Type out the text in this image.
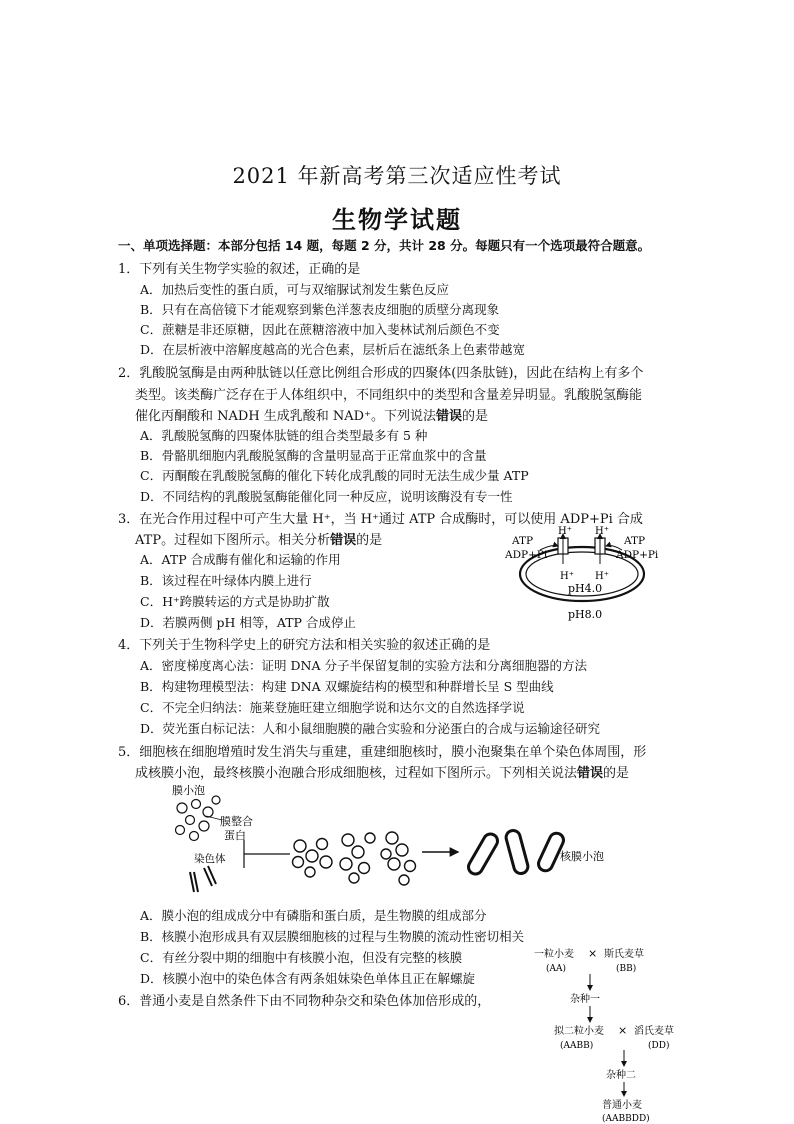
2021 年新高考第三次适应性考试
生物学试题
一、单项选择题：本部分包括 14 题，每题 2 分，共计 28 分。每题只有一个选项最符合题意。
1．下列有关生物学实验的叙述，正确的是
A．加热后变性的蛋白质，可与双缩脲试剂发生紫色反应
B．只有在高倍镜下才能观察到紫色洋葱表皮细胞的质壁分离现象
C．蔗糖是非还原糖，因此在蔗糖溶液中加入斐林试剂后颜色不变
D．在层析液中溶解度越高的光合色素，层析后在滤纸条上色素带越宽
2．乳酸脱氢酶是由两种肽链以任意比例组合形成的四聚体(四条肽链)，因此在结构上有多个
类型。该类酶广泛存在于人体组织中，不同组织中的类型和含量差异明显。乳酸脱氢酶能
催化丙酮酸和 NADH 生成乳酸和 NAD⁺。下列说法错误的是
A．乳酸脱氢酶的四聚体肽链的组合类型最多有 5 种
B．骨骼肌细胞内乳酸脱氢酶的含量明显高于正常血浆中的含量
C．丙酮酸在乳酸脱氢酶的催化下转化成乳酸的同时无法生成少量 ATP
D．不同结构的乳酸脱氢酶能催化同一种反应，说明该酶没有专一性
3．在光合作用过程中可产生大量 H⁺，当 H⁺通过 ATP 合成酶时，可以使用 ADP+Pi 合成
ATP。过程如下图所示。相关分析错误的是
A．ATP 合成酶有催化和运输的作用
B．该过程在叶绿体内膜上进行
C．H⁺跨膜转运的方式是协助扩散
D．若膜两侧 pH 相等，ATP 合成停止
ATP
ADP+Pi
ATP
ADP+Pi
H⁺ H⁺
H⁺ H⁺
pH4.0
pH8.0
4．下列关于生物科学史上的研究方法和相关实验的叙述正确的是
A．密度梯度离心法：证明 DNA 分子半保留复制的实验方法和分离细胞器的方法
B．构建物理模型法：构建 DNA 双螺旋结构的模型和种群增长呈 S 型曲线
C．不完全归纳法：施莱登施旺建立细胞学说和达尔文的自然选择学说
D．荧光蛋白标记法：人和小鼠细胞膜的融合实验和分泌蛋白的合成与运输途径研究
5．细胞核在细胞增殖时发生消失与重建，重建细胞核时，膜小泡聚集在单个染色体周围，形
成核膜小泡，最终核膜小泡融合形成细胞核，过程如下图所示。下列相关说法错误的是
膜小泡
膜整合
蛋白
染色体	核膜小泡
A．膜小泡的组成成分中有磷脂和蛋白质，是生物膜的组成部分
B．核膜小泡形成具有双层膜细胞核的过程与生物膜的流动性密切相关
C．有丝分裂中期的细胞中有核膜小泡，但没有完整的核膜
D．核膜小泡中的染色体含有两条姐妹染色单体且正在解螺旋
6．普通小麦是自然条件下由不同物种杂交和染色体加倍形成的，
一粒小麦 × 斯氏麦草
(AA)	(BB)
杂种一
拟二粒小麦 × 滔氏麦草
(AABB)	(DD)
杂种二
普通小麦
(AABBDD)
